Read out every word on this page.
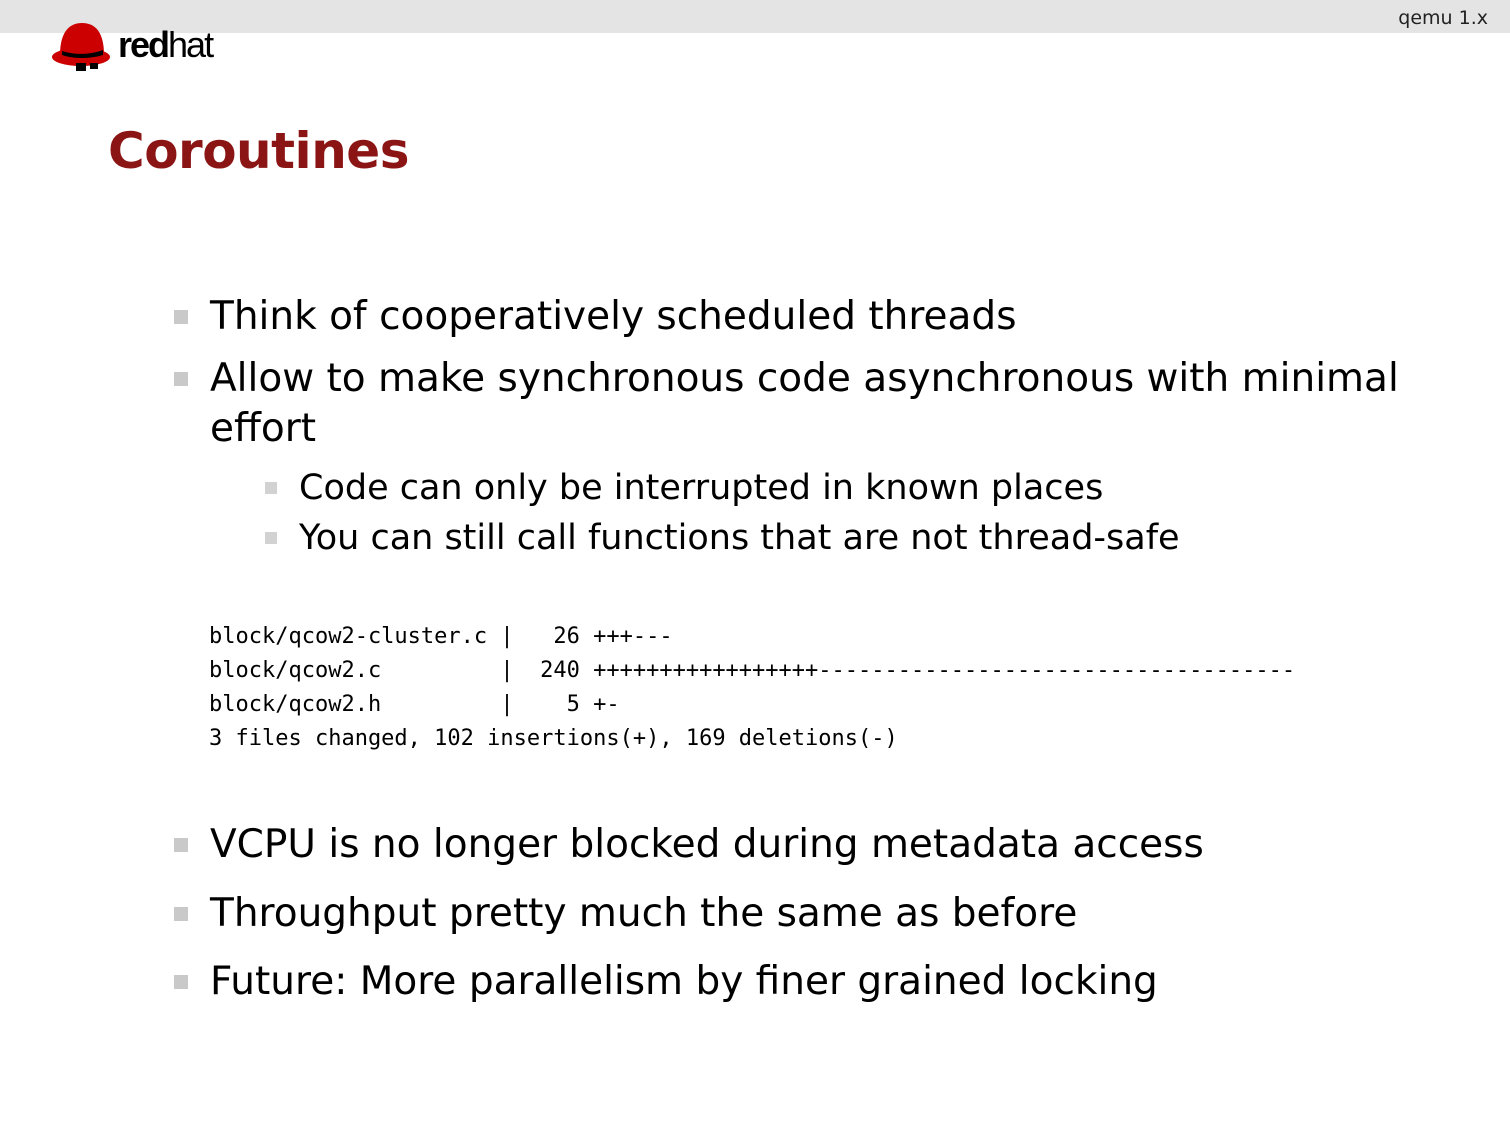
qemu 1.x
redhat
Coroutines
Think of cooperatively scheduled threads
Allow to make synchronous code asynchronous with minimal
effort
Code can only be interrupted in known places
You can still call functions that are not thread-safe
block/qcow2-cluster.c |   26 +++---
block/qcow2.c         |  240 +++++++++++++++++------------------------------------
block/qcow2.h         |    5 +-
3 files changed, 102 insertions(+), 169 deletions(-)
VCPU is no longer blocked during metadata access
Throughput pretty much the same as before
Future: More parallelism by finer grained locking
